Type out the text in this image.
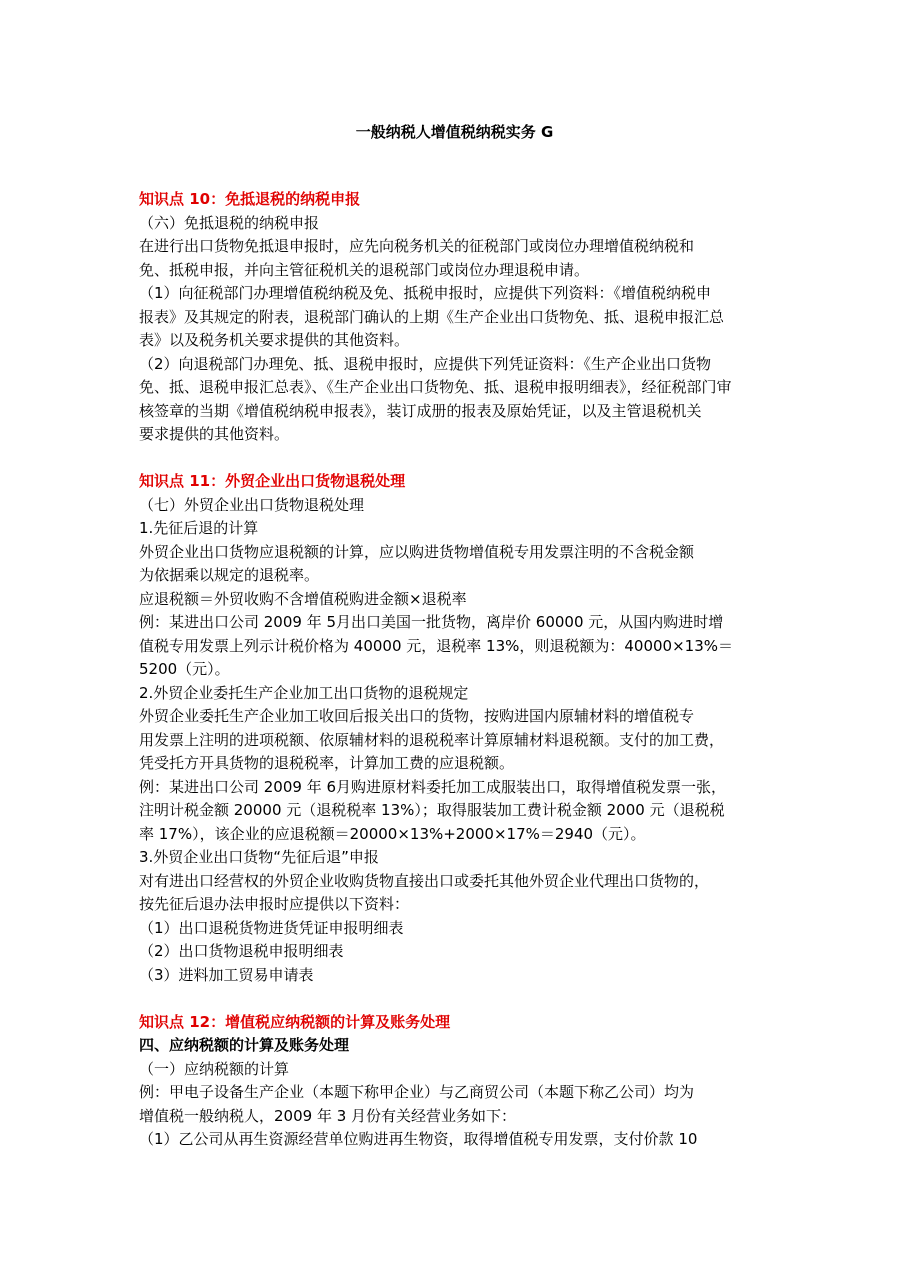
一般纳税人增值税纳税实务 G
知识点 10：免抵退税的纳税申报
（六）免抵退税的纳税申报
在进行出口货物免抵退申报时，应先向税务机关的征税部门或岗位办理增值税纳税和
免、抵税申报，并向主管征税机关的退税部门或岗位办理退税申请。
（1）向征税部门办理增值税纳税及免、抵税申报时，应提供下列资料：《增值税纳税申
报表》及其规定的附表，退税部门确认的上期《生产企业出口货物免、抵、退税申报汇总
表》以及税务机关要求提供的其他资料。
（2）向退税部门办理免、抵、退税申报时，应提供下列凭证资料：《生产企业出口货物
免、抵、退税申报汇总表》、《生产企业出口货物免、抵、退税申报明细表》，经征税部门审
核签章的当期《增值税纳税申报表》，装订成册的报表及原始凭证，以及主管退税机关
要求提供的其他资料。
知识点 11：外贸企业出口货物退税处理
（七）外贸企业出口货物退税处理
1.先征后退的计算
外贸企业出口货物应退税额的计算，应以购进货物增值税专用发票注明的不含税金额
为依据乘以规定的退税率。
应退税额＝外贸收购不含增值税购进金额×退税率
例：某进出口公司 2009 年 5月出口美国一批货物，离岸价 60000 元，从国内购进时增
值税专用发票上列示计税价格为 40000 元，退税率 13%，则退税额为：40000×13%＝
5200（元）。
2.外贸企业委托生产企业加工出口货物的退税规定
外贸企业委托生产企业加工收回后报关出口的货物，按购进国内原辅材料的增值税专
用发票上注明的进项税额、依原辅材料的退税税率计算原辅材料退税额。支付的加工费，
凭受托方开具货物的退税税率，计算加工费的应退税额。
例：某进出口公司 2009 年 6月购进原材料委托加工成服装出口，取得增值税发票一张，
注明计税金额 20000 元（退税税率 13%）；取得服装加工费计税金额 2000 元（退税税
率 17%），该企业的应退税额＝20000×13%+2000×17%＝2940（元）。
3.外贸企业出口货物“先征后退”申报
对有进出口经营权的外贸企业收购货物直接出口或委托其他外贸企业代理出口货物的，
按先征后退办法申报时应提供以下资料：
（1）出口退税货物进货凭证申报明细表
（2）出口货物退税申报明细表
（3）进料加工贸易申请表
知识点 12：增值税应纳税额的计算及账务处理
四、应纳税额的计算及账务处理
（一）应纳税额的计算
例：甲电子设备生产企业（本题下称甲企业）与乙商贸公司（本题下称乙公司）均为
增值税一般纳税人，2009 年 3 月份有关经营业务如下：
（1）乙公司从再生资源经营单位购进再生物资，取得增值税专用发票，支付价款 10
